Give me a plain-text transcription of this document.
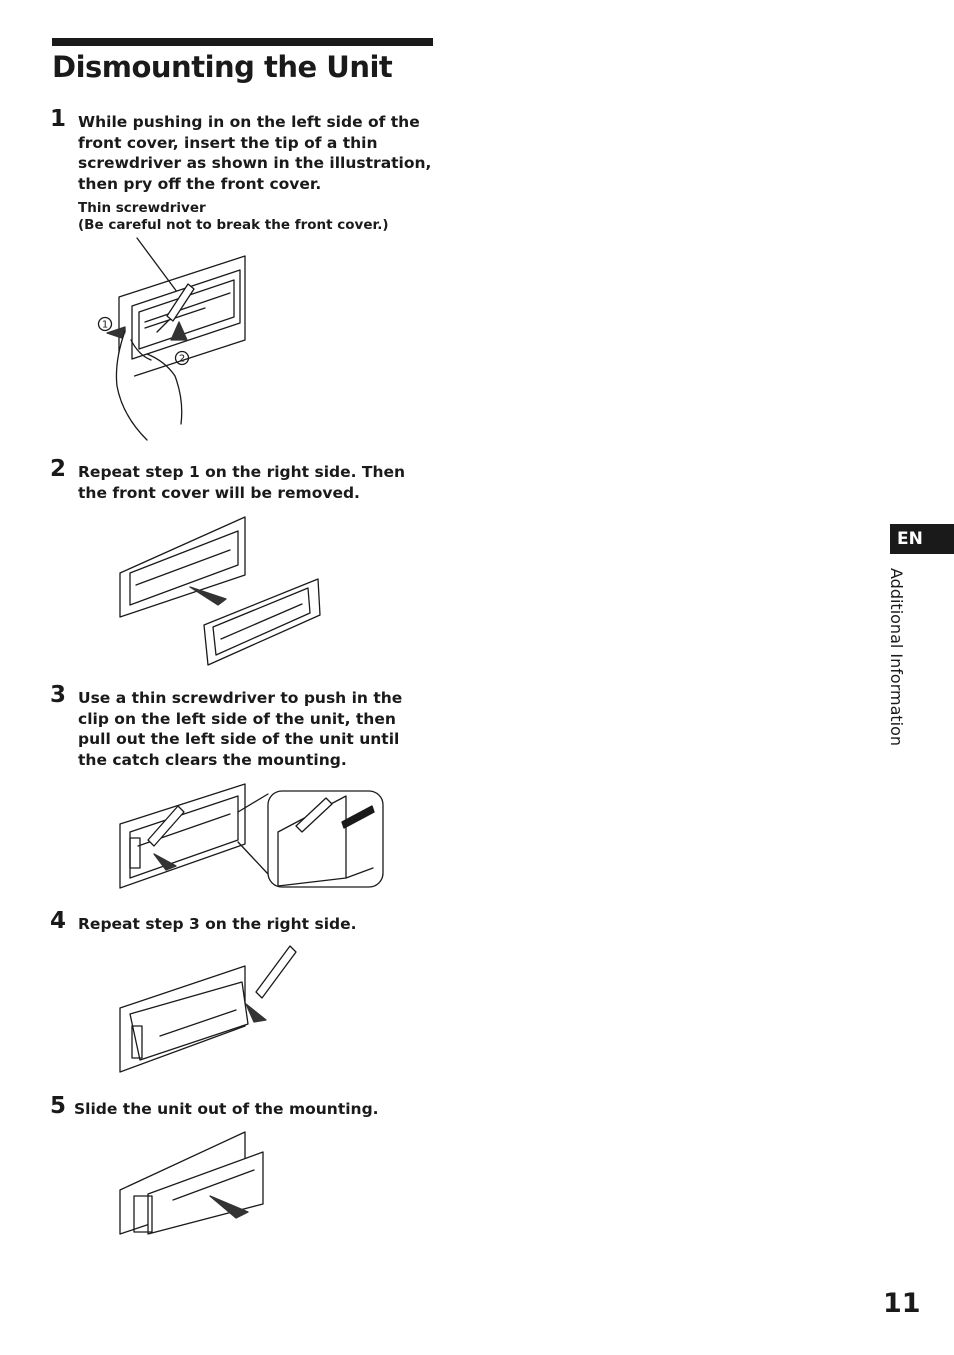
Dismounting the Unit
1 While pushing in on the left side of the front cover, insert the tip of a thin screwdriver as shown in the illustration, then pry off the front cover.
Thin screwdriver
(Be careful not to break the front cover.)
1
2
2 Repeat step 1 on the right side. Then the front cover will be removed.
3 Use a thin screwdriver to push in the clip on the left side of the unit, then pull out the left side of the unit until the catch clears the mounting.
4 Repeat step 3 on the right side.
5 Slide the unit out of the mounting.
EN
Additional Information
11
